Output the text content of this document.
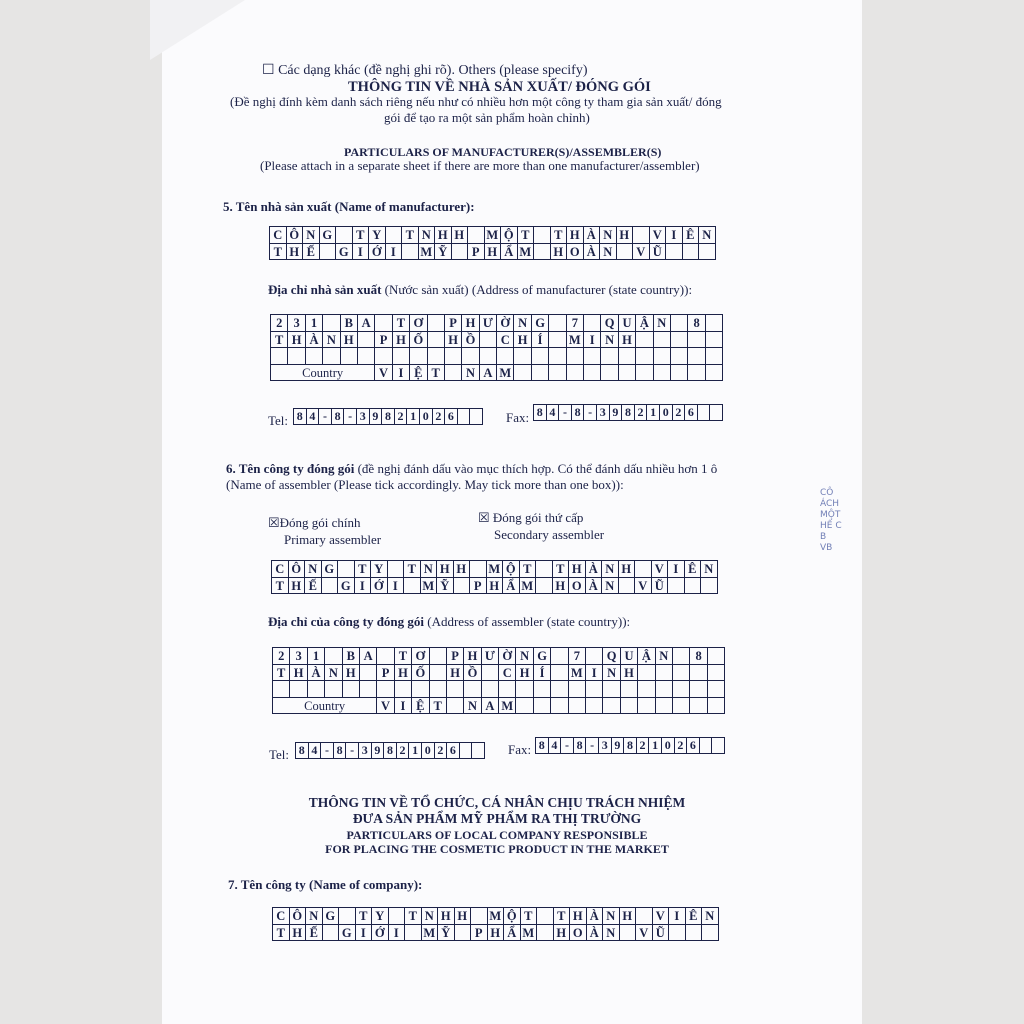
☐ Các dạng khác (đề nghị ghi rõ). Others (please specify)
THÔNG TIN VỀ NHÀ SẢN XUẤT/ ĐÓNG GÓI
(Đề nghị đính kèm danh sách riêng nếu như có nhiều hơn một công ty tham gia sản xuất/ đóng
gói để tạo ra một sản phẩm hoàn chỉnh)
PARTICULARS OF MANUFACTURER(S)/ASSEMBLER(S)
(Please attach in a separate sheet if there are more than one manufacturer/assembler)
5. Tên nhà sản xuất (Name of manufacturer):
C Ô N G	T Y	T N H H	M Ộ T	T H À N H	V I Ê N
T H Ế	G I Ớ I	M Ỹ	P H Ẩ M H O À N	V Ũ
Địa chỉ nhà sản xuất (Nước sản xuất) (Address of manufacturer (state country)):
2 3 1	B A	T Ơ	P H Ư Ờ N G	7	Q U Ậ N	8
T H À N H	P H Ố	H Ồ	C H Í	M I N H
Country	V I Ệ T	N A M
Tel: 8 4 - 8 - 3 9 8 2 1 0 2 6	Fax: 8 4 - 8 - 3 9 8 2 1 0 2 6
6. Tên công ty đóng gói (đề nghị đánh dấu vào mục thích hợp. Có thể đánh dấu nhiều hơn 1 ô
(Name of assembler (Please tick accordingly. May tick more than one box)):
☒Đóng gói chính
Primary assembler
☒ Đóng gói thứ cấp
Secondary assembler
C Ô N G	T Y	T N H H	M Ộ T	T H À N H	V I Ê N
T H Ế	G I Ớ I	M Ỹ	P H Ẩ M H O À N	V Ũ
Địa chỉ của công ty đóng gói (Address of assembler (state country)):
2 3 1	B A	T Ơ	P H Ư Ờ N G	7	Q U Ậ N	8
T H À N H	P H Ố	H Ồ	C H Í	M I N H
Country	V I Ệ T	N A M
Tel: 8 4 - 8 - 3 9 8 2 1 0 2 6	Fax: 8 4 - 8 - 3 9 8 2 1 0 2 6
THÔNG TIN VỀ TỔ CHỨC, CÁ NHÂN CHỊU TRÁCH NHIỆM
ĐƯA SẢN PHẨM MỸ PHẨM RA THỊ TRƯỜNG
PARTICULARS OF LOCAL COMPANY RESPONSIBLE
FOR PLACING THE COSMETIC PRODUCT IN THE MARKET
7. Tên công ty (Name of company):
C Ô N G	T Y	T N H H	M Ộ T	T H À N H	V I Ê N
T H Ế	G I Ớ I	M Ỹ	P H Ẩ M H O À N	V Ũ
CÔ
ÁCH
MỘT
HẾ C
B
VB
